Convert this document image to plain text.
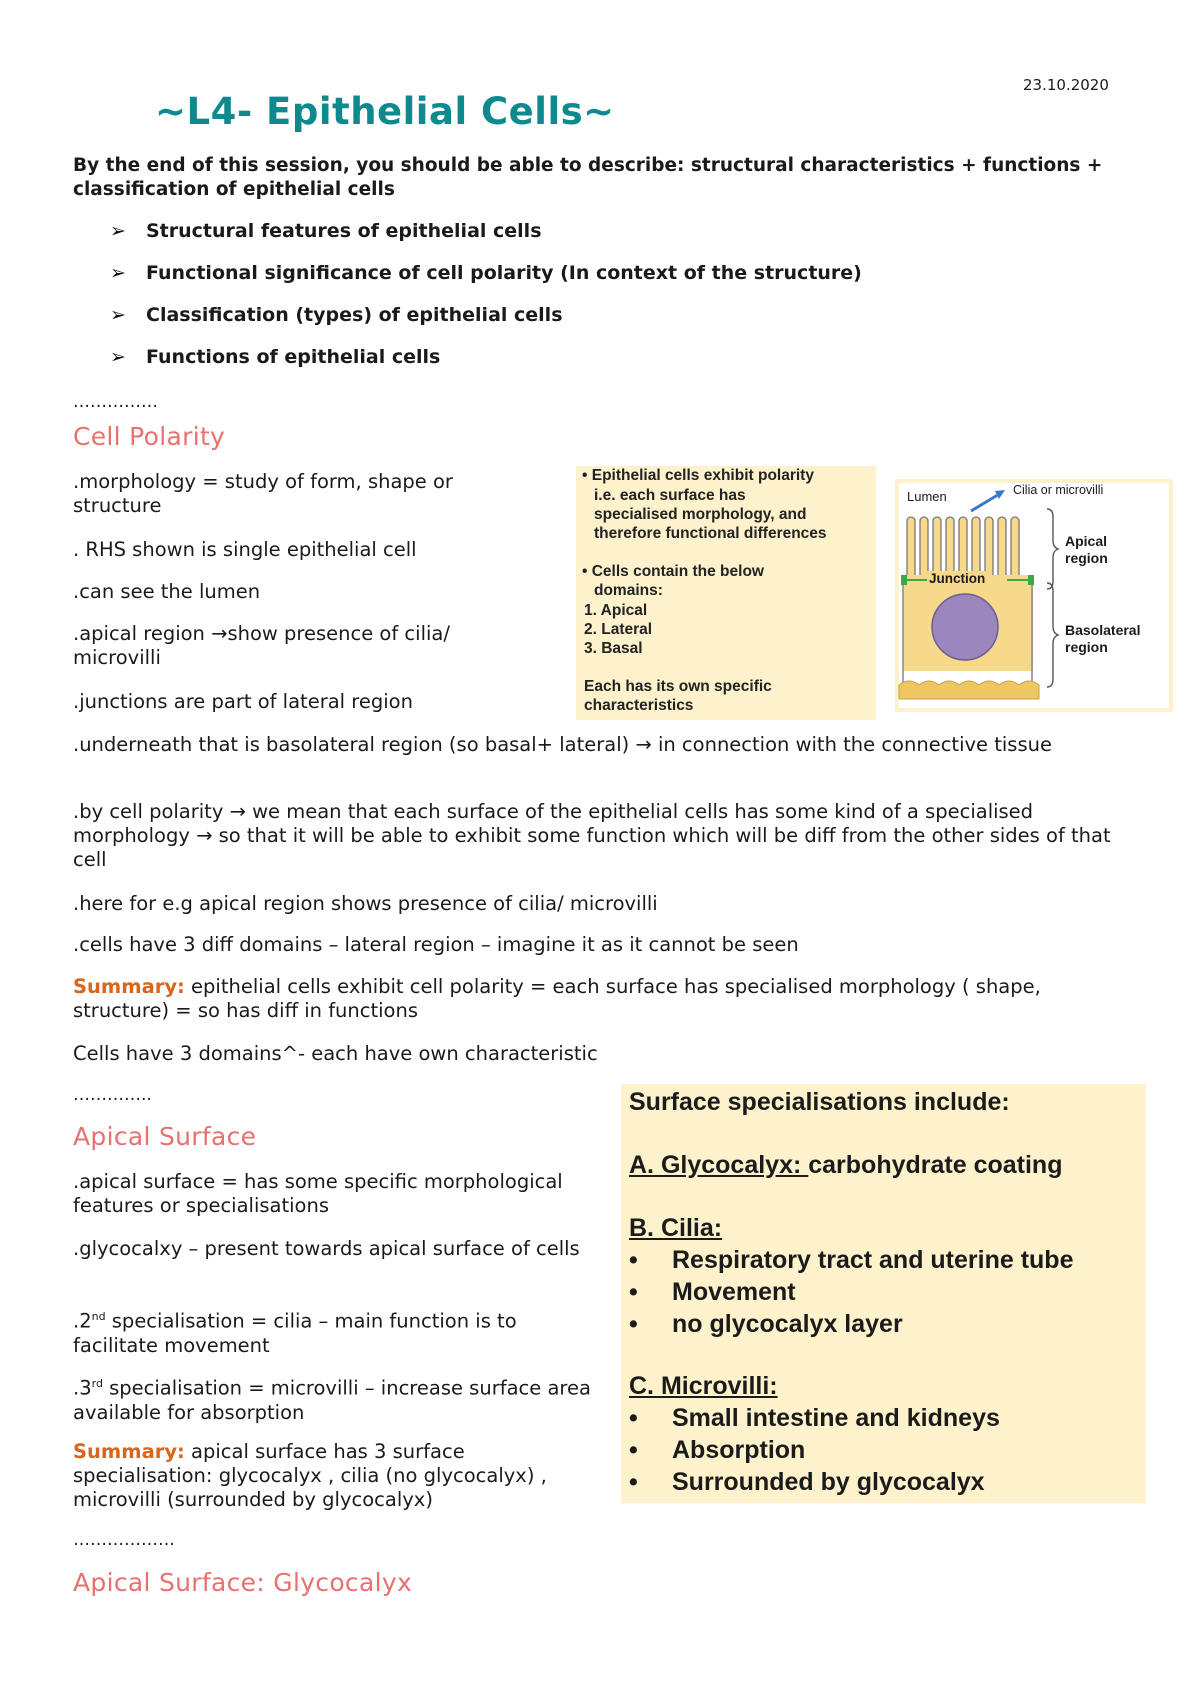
23.10.2020
~L4- Epithelial Cells~
By the end of this session, you should be able to describe: structural characteristics + functions + classification of epithelial cells
➢	Structural features of epithelial cells
➢	Functional significance of cell polarity (In context of the structure)
➢	Classification (types) of epithelial cells
➢	Functions of epithelial cells
……………
Cell Polarity
.morphology = study of form, shape or structure
. RHS shown is single epithelial cell
.can see the lumen
.apical region →show presence of cilia/ microvilli
.junctions are part of lateral region
.underneath that is basolateral region (so basal+ lateral) → in connection with the connective tissue
.by cell polarity → we mean that each surface of the epithelial cells has some kind of a specialised morphology → so that it will be able to exhibit some function which will be diff from the other sides of that cell
.here for e.g apical region shows presence of cilia/ microvilli
.cells have 3 diff domains – lateral region – imagine it as it cannot be seen
Summary: epithelial cells exhibit cell polarity = each surface has specialised morphology ( shape, structure) = so has diff in functions
Cells have 3 domains^- each have own characteristic
• Epithelial cells exhibit polarity
i.e. each surface has
specialised morphology, and
therefore functional differences
• Cells contain the below
domains:
1. Apical
2. Lateral
3. Basal
Each has its own specific
characteristics
Lumen	Cilia or microvilli
Junction
Apical
region
Basolateral
region
…………..
Apical Surface
.apical surface = has some specific morphological features or specialisations
.glycocalxy – present towards apical surface of cells
.2nd specialisation = cilia – main function is to facilitate movement
.3rd specialisation = microvilli – increase surface area available for absorption
Summary: apical surface has 3 surface specialisation: glycocalyx , cilia (no glycocalyx) , microvilli (surrounded by glycocalyx)
Surface specialisations include:
A. Glycocalyx: carbohydrate coating
B. Cilia:
• Respiratory tract and uterine tube
• Movement
• no glycocalyx layer
C. Microvilli:
• Small intestine and kidneys
• Absorption
• Surrounded by glycocalyx
………………
Apical Surface: Glycocalyx
